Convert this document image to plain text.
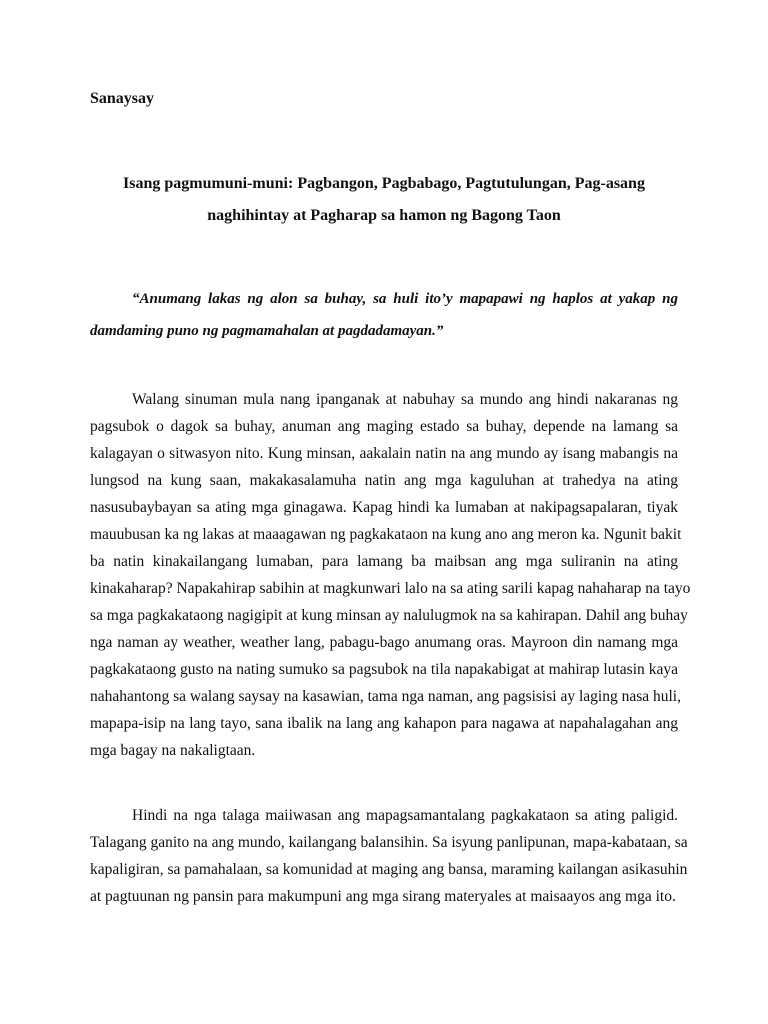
Sanaysay

Isang pagmumuni-muni: Pagbangon, Pagbabago, Pagtutulungan, Pag-asang
naghihintay at Pagharap sa hamon ng Bagong Taon

“Anumang lakas ng alon sa buhay, sa huli ito’y mapapawi ng haplos at yakap ng
damdaming puno ng pagmamahalan at pagdadamayan.”

Walang sinuman mula nang ipanganak at nabuhay sa mundo ang hindi nakaranas ng
pagsubok o dagok sa buhay, anuman ang maging estado sa buhay, depende na lamang sa
kalagayan o sitwasyon nito. Kung minsan, aakalain natin na ang mundo ay isang mabangis na
lungsod na kung saan, makakasalamuha natin ang mga kaguluhan at trahedya na ating
nasusubaybayan sa ating mga ginagawa. Kapag hindi ka lumaban at nakipagsapalaran, tiyak
mauubusan ka ng lakas at maaagawan ng pagkakataon na kung ano ang meron ka. Ngunit bakit
ba natin kinakailangang lumaban, para lamang ba maibsan ang mga suliranin na ating
kinakaharap? Napakahirap sabihin at magkunwari lalo na sa ating sarili kapag nahaharap na tayo
sa mga pagkakataong nagigipit at kung minsan ay nalulugmok na sa kahirapan. Dahil ang buhay
nga naman ay weather, weather lang, pabagu-bago anumang oras. Mayroon din namang mga
pagkakataong gusto na nating sumuko sa pagsubok na tila napakabigat at mahirap lutasin kaya
nahahantong sa walang saysay na kasawian, tama nga naman, ang pagsisisi ay laging nasa huli,
mapapa-isip na lang tayo, sana ibalik na lang ang kahapon para nagawa at napahalagahan ang
mga bagay na nakaligtaan.

Hindi na nga talaga maiiwasan ang mapagsamantalang pagkakataon sa ating paligid.
Talagang ganito na ang mundo, kailangang balansihin. Sa isyung panlipunan, mapa-kabataan, sa
kapaligiran, sa pamahalaan, sa komunidad at maging ang bansa, maraming kailangan asikasuhin
at pagtuunan ng pansin para makumpuni ang mga sirang materyales at maisaayos ang mga ito.
